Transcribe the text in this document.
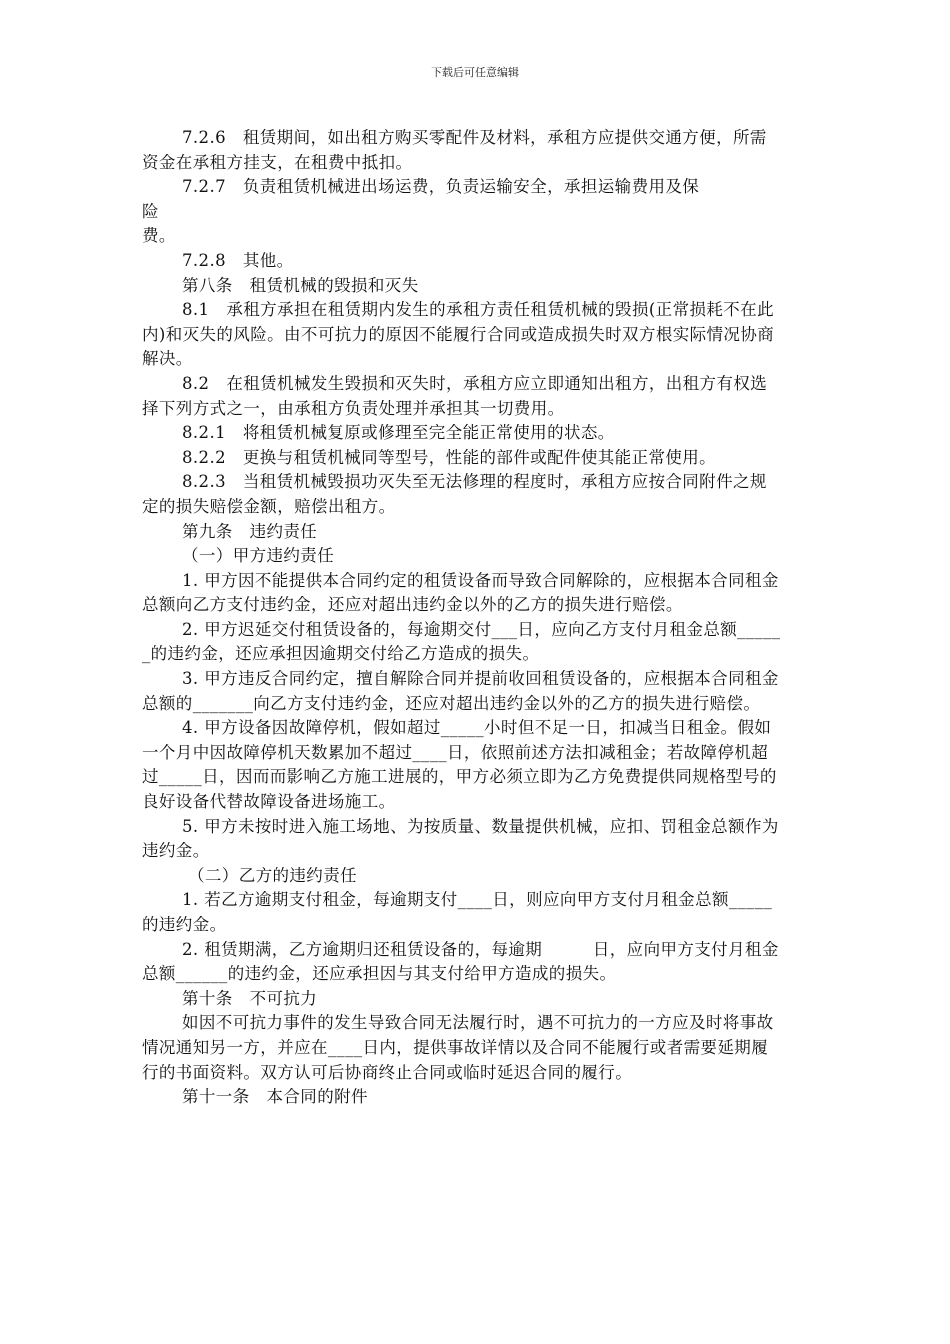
下载后可任意编辑

7.2.6　租赁期间，如出租方购买零配件及材料，承租方应提供交通方便，所需资金在承租方挂支，在租费中抵扣。

7.2.7　负责租赁机械进出场运费，负责运输安全，承担运输费用及保

险

费。

7.2.8　其他。

第八条　租赁机械的毁损和灭失

8.1　承租方承担在租赁期内发生的承租方责任租赁机械的毁损(正常损耗不在此内)和灭失的风险。由不可抗力的原因不能履行合同或造成损失时双方根实际情况协商解决。

8.2　在租赁机械发生毁损和灭失时，承租方应立即通知出租方，出租方有权选择下列方式之一，由承租方负责处理并承担其一切费用。

8.2.1　将租赁机械复原或修理至完全能正常使用的状态。

8.2.2　更换与租赁机械同等型号，性能的部件或配件使其能正常使用。

8.2.3　当租赁机械毁损功灭失至无法修理的程度时，承租方应按合同附件之规定的损失赔偿金额，赔偿出租方。

第九条　违约责任

（一）甲方违约责任

1. 甲方因不能提供本合同约定的租赁设备而导致合同解除的，应根据本合同租金总额向乙方支付违约金，还应对超出违约金以外的乙方的损失进行赔偿。

2. 甲方迟延交付租赁设备的，每逾期交付___日，应向乙方支付月租金总额______的违约金，还应承担因逾期交付给乙方造成的损失。

3. 甲方违反合同约定，擅自解除合同并提前收回租赁设备的，应根据本合同租金总额的_______向乙方支付违约金，还应对超出违约金以外的乙方的损失进行赔偿。

4. 甲方设备因故障停机，假如超过_____小时但不足一日，扣减当日租金。假如一个月中因故障停机天数累加不超过____日，依照前述方法扣减租金；若故障停机超过_____日，因而而影响乙方施工进展的，甲方必须立即为乙方免费提供同规格型号的良好设备代替故障设备进场施工。

5. 甲方未按时进入施工场地、为按质量、数量提供机械，应扣、罚租金总额作为违约金。

（二）乙方的违约责任

1. 若乙方逾期支付租金，每逾期支付____日，则应向甲方支付月租金总额_____ 的违约金。

2. 租赁期满，乙方逾期归还租赁设备的，每逾期　　　日，应向甲方支付月租金总额______的违约金，还应承担因与其支付给甲方造成的损失。

第十条　不可抗力

如因不可抗力事件的发生导致合同无法履行时，遇不可抗力的一方应及时将事故情况通知另一方，并应在____日内，提供事故详情以及合同不能履行或者需要延期履行的书面资料。双方认可后协商终止合同或临时延迟合同的履行。

第十一条　本合同的附件
